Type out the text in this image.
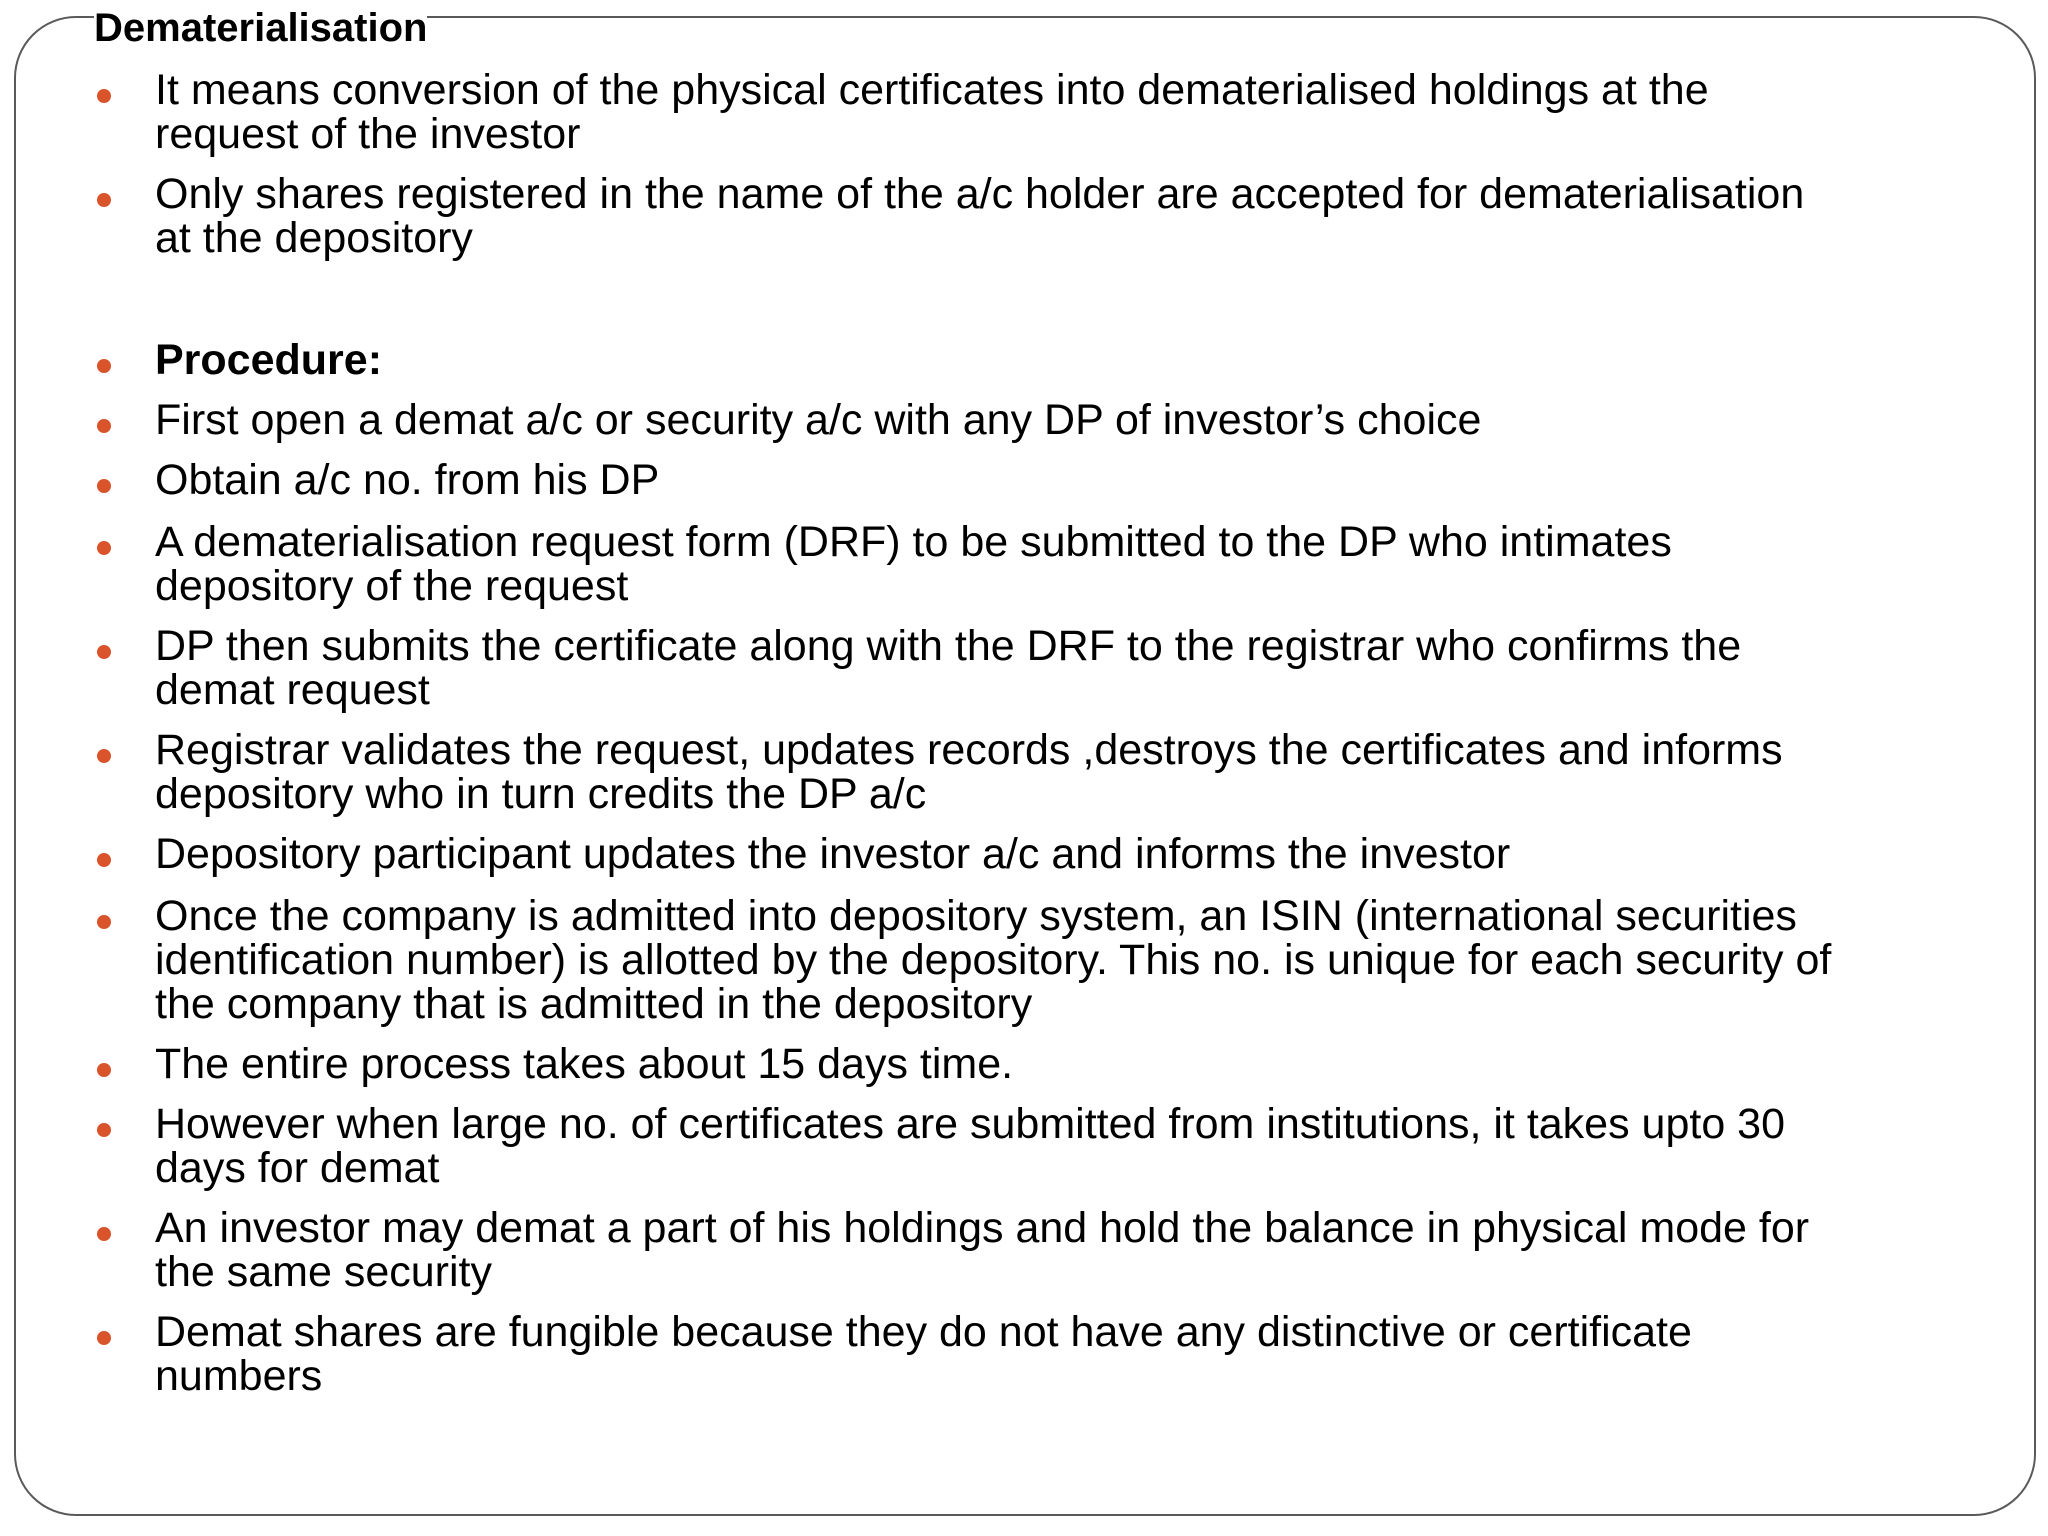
Dematerialisation

It means conversion of the physical certificates into dematerialised holdings at the
request of the investor

Only shares registered in the name of the a/c holder are accepted for dematerialisation
at the depository

Procedure:

First open a demat a/c or security a/c with any DP of investor’s choice

Obtain a/c no. from his DP

A dematerialisation request form (DRF) to be submitted to the DP who intimates
depository of the request

DP then submits the certificate along with the DRF to the registrar who confirms the
demat request

Registrar validates the request, updates records ,destroys the certificates and informs
depository who in turn credits the DP a/c

Depository participant updates the investor a/c and informs the investor

Once the company is admitted into depository system, an ISIN (international securities
identification number) is allotted by the depository. This no. is unique for each security of
the company that is admitted in the depository

The entire process takes about 15 days time.

However when large no. of certificates are submitted from institutions, it takes upto 30
days for demat

An investor may demat a part of his holdings and hold the balance in physical mode for
the same security

Demat shares are fungible because they do not have any distinctive or certificate
numbers
